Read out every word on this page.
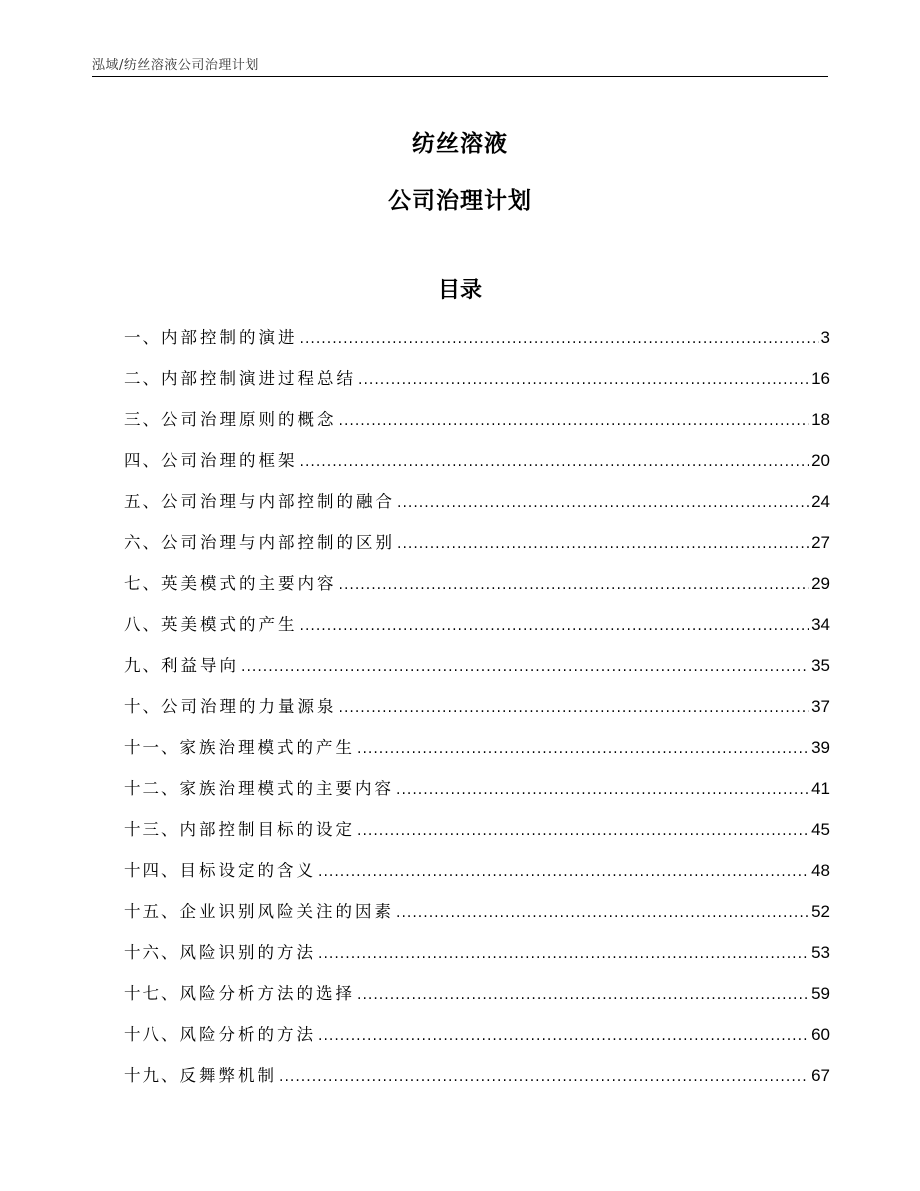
泓域/纺丝溶液公司治理计划
纺丝溶液
公司治理计划
目录
一、 内部控制的演进 .....	3
二、 内部控制演进过程总结 .....	16
三、 公司治理原则的概念 .....	18
四、 公司治理的框架 .....	20
五、 公司治理与内部控制的融合 .....	24
六、 公司治理与内部控制的区别 .....	27
七、 英美模式的主要内容 .....	29
八、 英美模式的产生 .....	34
九、 利益导向 .....	35
十、 公司治理的力量源泉 .....	37
十一、 家族治理模式的产生 .....	39
十二、 家族治理模式的主要内容 .....	41
十三、 内部控制目标的设定 .....	45
十四、 目标设定的含义 .....	48
十五、 企业识别风险关注的因素 .....	52
十六、 风险识别的方法 .....	53
十七、 风险分析方法的选择 .....	59
十八、 风险分析的方法 .....	60
十九、 反舞弊机制 .....	67
